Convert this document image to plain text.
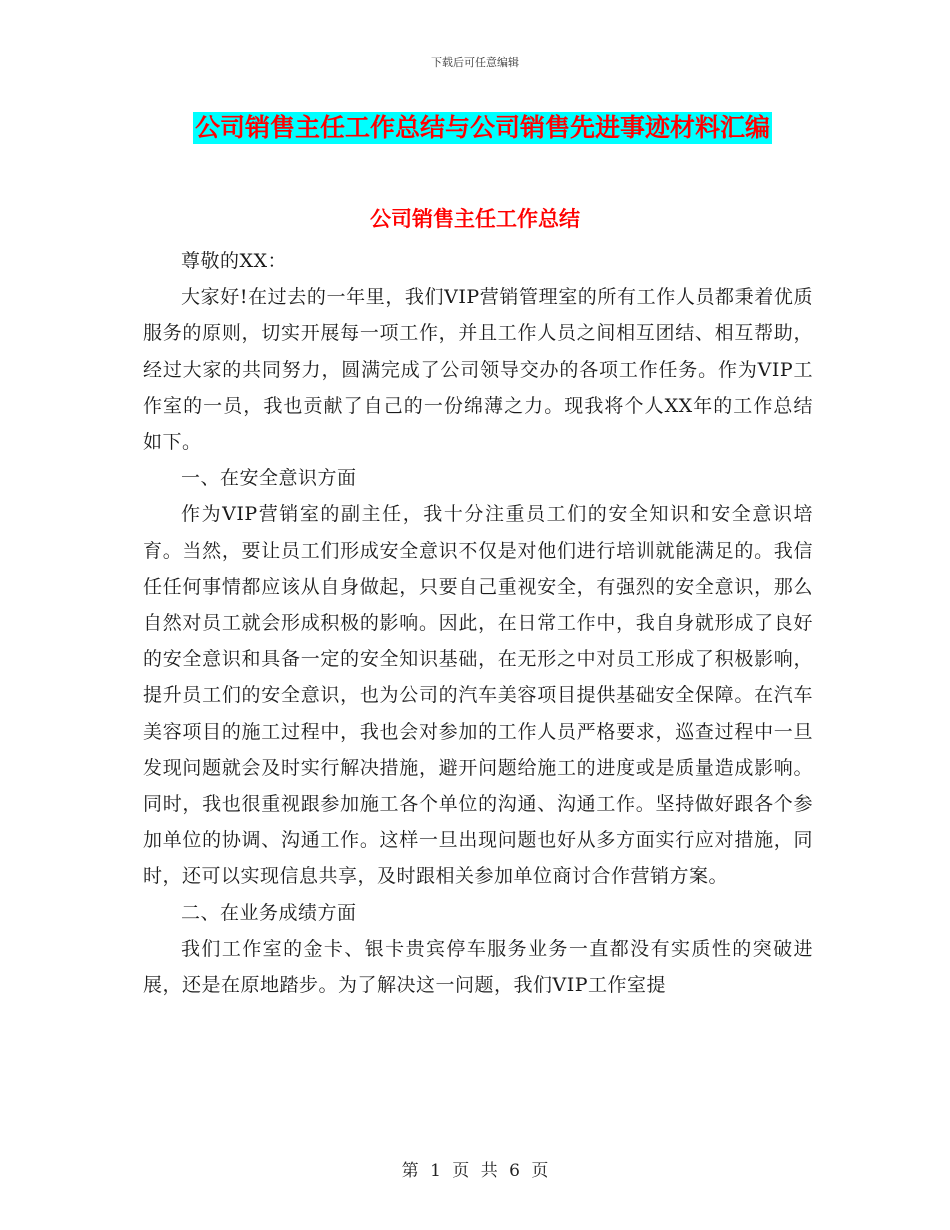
下载后可任意编辑
公司销售主任工作总结与公司销售先进事迹材料汇编
公司销售主任工作总结

尊敬的XX：

大家好!在过去的一年里，我们VIP营销管理室的所有工作人员都秉着优质服务的原则，切实开展每一项工作，并且工作人员之间相互团结、相互帮助，经过大家的共同努力，圆满完成了公司领导交办的各项工作任务。作为VIP工作室的一员，我也贡献了自己的一份绵薄之力。现我将个人XX年的工作总结如下。

一、在安全意识方面

作为VIP营销室的副主任，我十分注重员工们的安全知识和安全意识培育。当然，要让员工们形成安全意识不仅是对他们进行培训就能满足的。我信任任何事情都应该从自身做起，只要自己重视安全，有强烈的安全意识，那么自然对员工就会形成积极的影响。因此，在日常工作中，我自身就形成了良好的安全意识和具备一定的安全知识基础，在无形之中对员工形成了积极影响，提升员工们的安全意识，也为公司的汽车美容项目提供基础安全保障。在汽车美容项目的施工过程中，我也会对参加的工作人员严格要求，巡查过程中一旦发现问题就会及时实行解决措施，避开问题给施工的进度或是质量造成影响。同时，我也很重视跟参加施工各个单位的沟通、沟通工作。坚持做好跟各个参加单位的协调、沟通工作。这样一旦出现问题也好从多方面实行应对措施，同时，还可以实现信息共享，及时跟相关参加单位商讨合作营销方案。

二、在业务成绩方面

我们工作室的金卡、银卡贵宾停车服务业务一直都没有实质性的突破进展，还是在原地踏步。为了解决这一问题，我们VIP工作室提

第 1 页 共 6 页
